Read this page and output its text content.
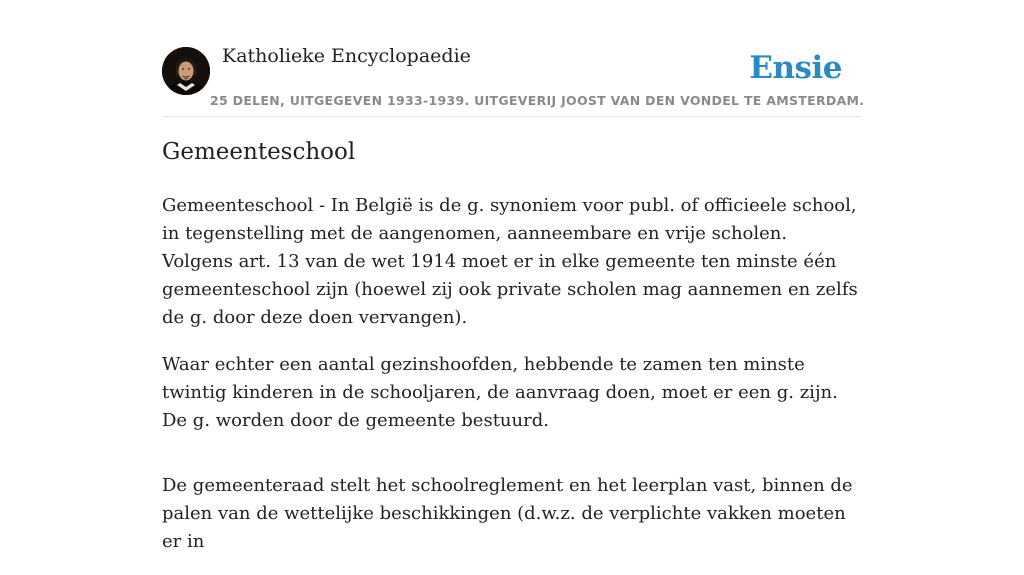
Katholieke Encyclopaedie	Ensie
25 DELEN, UITGEGEVEN 1933-1939. UITGEVERIJ JOOST VAN DEN VONDEL TE AMSTERDAM.
Gemeenteschool

Gemeenteschool - In België is de g. synoniem voor publ. of officieele school, in tegenstelling met de aangenomen, aanneembare en vrije scholen. Volgens art. 13 van de wet 1914 moet er in elke gemeente ten minste één gemeenteschool zijn (hoewel zij ook private scholen mag aannemen en zelfs de g. door deze doen vervangen).

Waar echter een aantal gezinshoofden, hebbende te zamen ten minste twintig kinderen in de schooljaren, de aanvraag doen, moet er een g. zijn. De g. worden door de gemeente bestuurd.

De gemeenteraad stelt het schoolreglement en het leerplan vast, binnen de palen van de wettelijke beschikkingen (d.w.z. de verplichte vakken moeten er in
